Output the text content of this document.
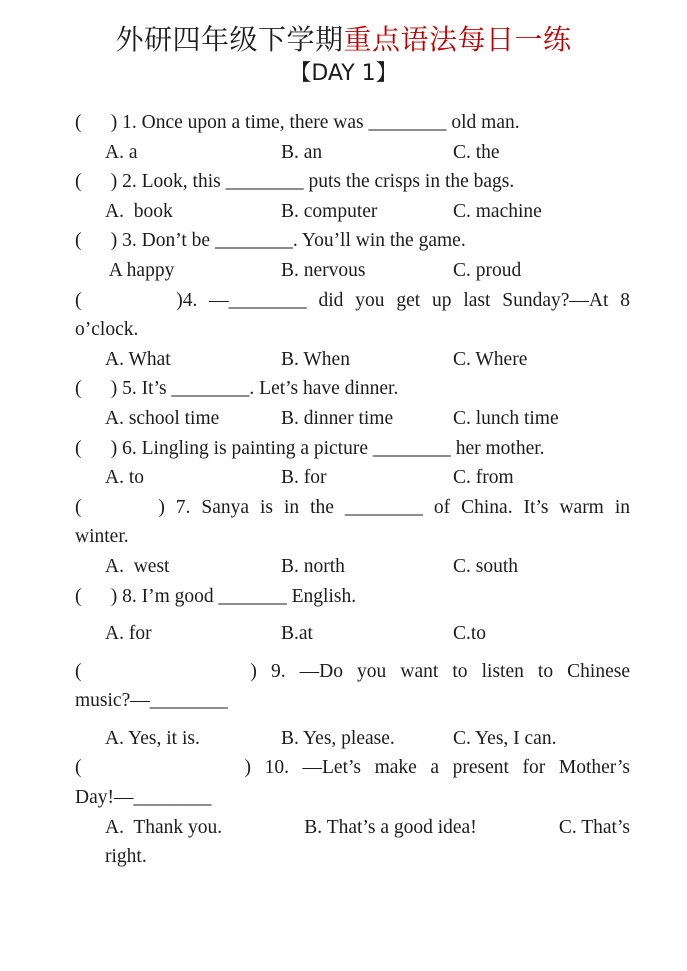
外研四年级下学期重点语法每日一练
【DAY 1】
(      ) 1. Once upon a time, there was ________ old man.
A. a	B. an	C. the
(      ) 2. Look, this ________ puts the crisps in the bags.
A.  book	B. computer	C. machine
(      ) 3. Don’t be ________. You’ll win the game.
A happy	B. nervous	C. proud
(        )4. —________ did you get up last Sunday?—At 8
o’clock.
A. What	B. When	C. Where
(      ) 5. It’s ________. Let’s have dinner.
A. school time	B. dinner time	C. lunch time
(      ) 6. Lingling is painting a picture ________ her mother.
A. to	B. for	C. from
(       ) 7. Sanya is in the ________ of China. It’s warm in
winter.
A.  west	B. north	C. south
(      ) 8. I’m good _______ English.
A. for	B.at	C.to
(            ) 9. —Do you want to listen to Chinese
music?—________
A. Yes, it is.	B. Yes, please.	C. Yes, I can.
(            ) 10. —Let’s make a present for Mother’s
Day!—________
A.  Thank you.	B. That’s a good idea!	C. That’s
right.
